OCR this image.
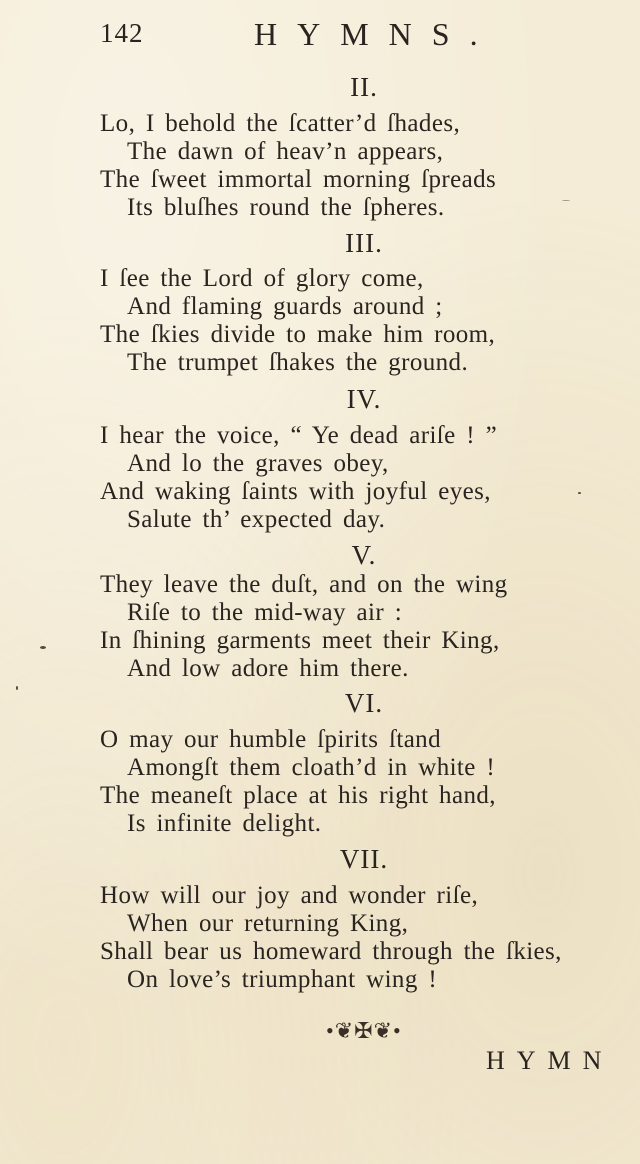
142	HYMNS.
II.
Lo, I behold the ſcatter’d ſhades,
The dawn of heav’n appears,
The ſweet immortal morning ſpreads
Its bluſhes round the ſpheres.
III.
I ſee the Lord of glory come,
And flaming guards around ;
The ſkies divide to make him room,
The trumpet ſhakes the ground.
IV.
I hear the voice, “ Ye dead ariſe ! ”
And lo the graves obey,
And waking ſaints with joyful eyes,
Salute th’ expected day.
V.
They leave the duſt, and on the wing
Riſe to the mid-way air :
In ſhining garments meet their King,
And low adore him there.
VI.
O may our humble ſpirits ſtand
Amongſt them cloath’d in white !
The meaneſt place at his right hand,
Is infinite delight.
VII.
How will our joy and wonder riſe,
When our returning King,
Shall bear us homeward through the ſkies,
On love’s triumphant wing !
•❦✠❦•
HYMN
